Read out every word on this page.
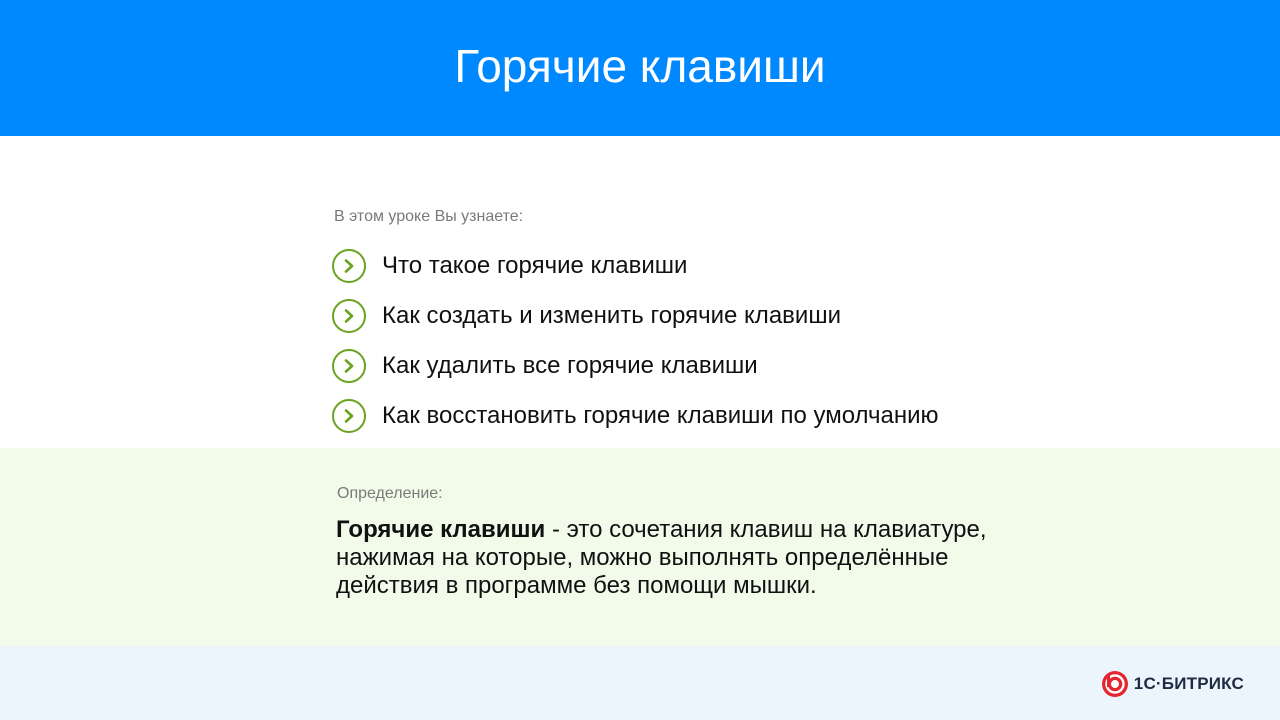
Горячие клавиши
В этом уроке Вы узнаете:
Что такое горячие клавиши
Как создать и изменить горячие клавиши
Как удалить все горячие клавиши
Как восстановить горячие клавиши по умолчанию
Определение:
Горячие клавиши - это сочетания клавиш на клавиатуре, нажимая на которые, можно выполнять определённые действия в программе без помощи мышки.
1С·БИТРИКС
